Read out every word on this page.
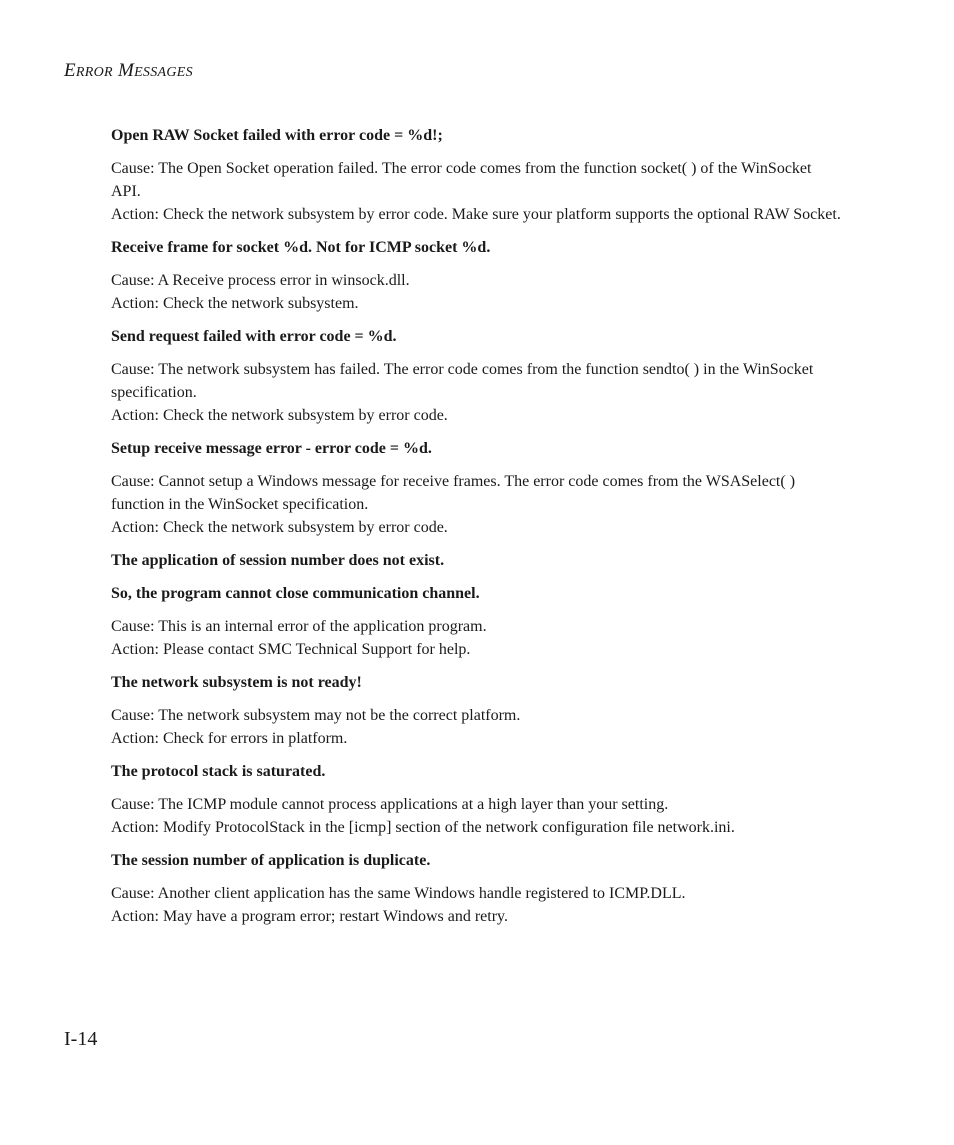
ERROR MESSAGES

Open RAW Socket failed with error code = %d!;

Cause: The Open Socket operation failed. The error code comes from the function socket( ) of the WinSocket

API.

Action: Check the network subsystem by error code. Make sure your platform supports the optional RAW Socket.

Receive frame for socket %d. Not for ICMP socket %d.

Cause: A Receive process error in winsock.dll.

Action: Check the network subsystem.

Send request failed with error code = %d.

Cause: The network subsystem has failed. The error code comes from the function sendto( ) in the WinSocket

specification.

Action: Check the network subsystem by error code.

Setup receive message error - error code = %d.

Cause: Cannot setup a Windows message for receive frames. The error code comes from the WSASelect( )

function in the WinSocket specification.

Action: Check the network subsystem by error code.

The application of session number does not exist.

So, the program cannot close communication channel.

Cause: This is an internal error of the application program.

Action: Please contact SMC Technical Support for help.

The network subsystem is not ready!

Cause: The network subsystem may not be the correct platform.

Action: Check for errors in platform.

The protocol stack is saturated.

Cause: The ICMP module cannot process applications at a high layer than your setting.

Action: Modify ProtocolStack in the [icmp] section of the network configuration file network.ini.

The session number of application is duplicate.

Cause: Another client application has the same Windows handle registered to ICMP.DLL.

Action: May have a program error; restart Windows and retry.

I-14
